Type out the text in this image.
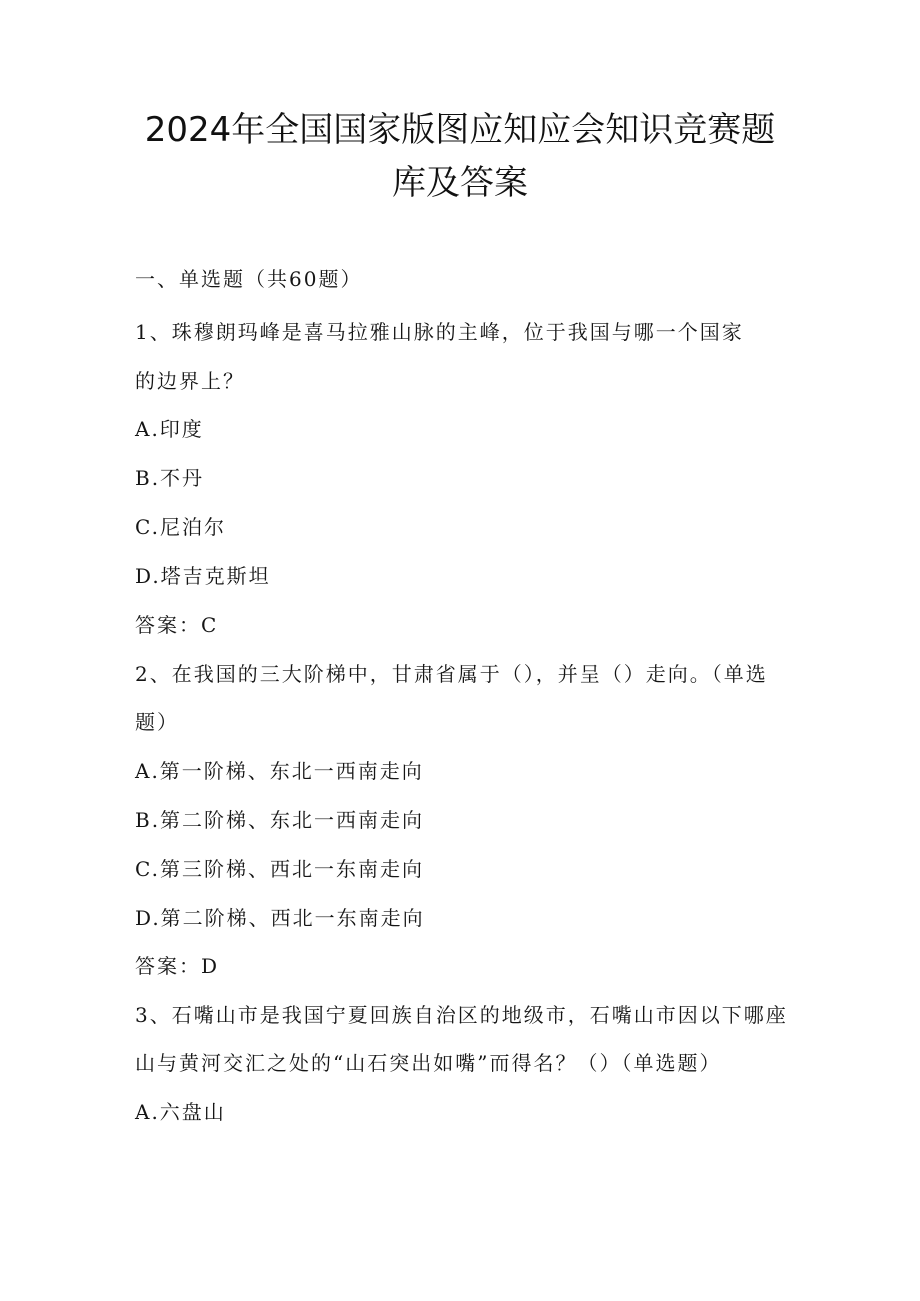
2024年全国国家版图应知应会知识竞赛题
库及答案
一、单选题（共60题）
1、珠穆朗玛峰是喜马拉雅山脉的主峰，位于我国与哪一个国家
的边界上？
A.印度
B.不丹
C.尼泊尔
D.塔吉克斯坦
答案：C
2、在我国的三大阶梯中，甘肃省属于（），并呈（）走向。（单选
题）
A.第一阶梯、东北一西南走向
B.第二阶梯、东北一西南走向
C.第三阶梯、西北一东南走向
D.第二阶梯、西北一东南走向
答案：D
3、石嘴山市是我国宁夏回族自治区的地级市，石嘴山市因以下哪座
山与黄河交汇之处的“山石突出如嘴”而得名？（）（单选题）
A.六盘山
